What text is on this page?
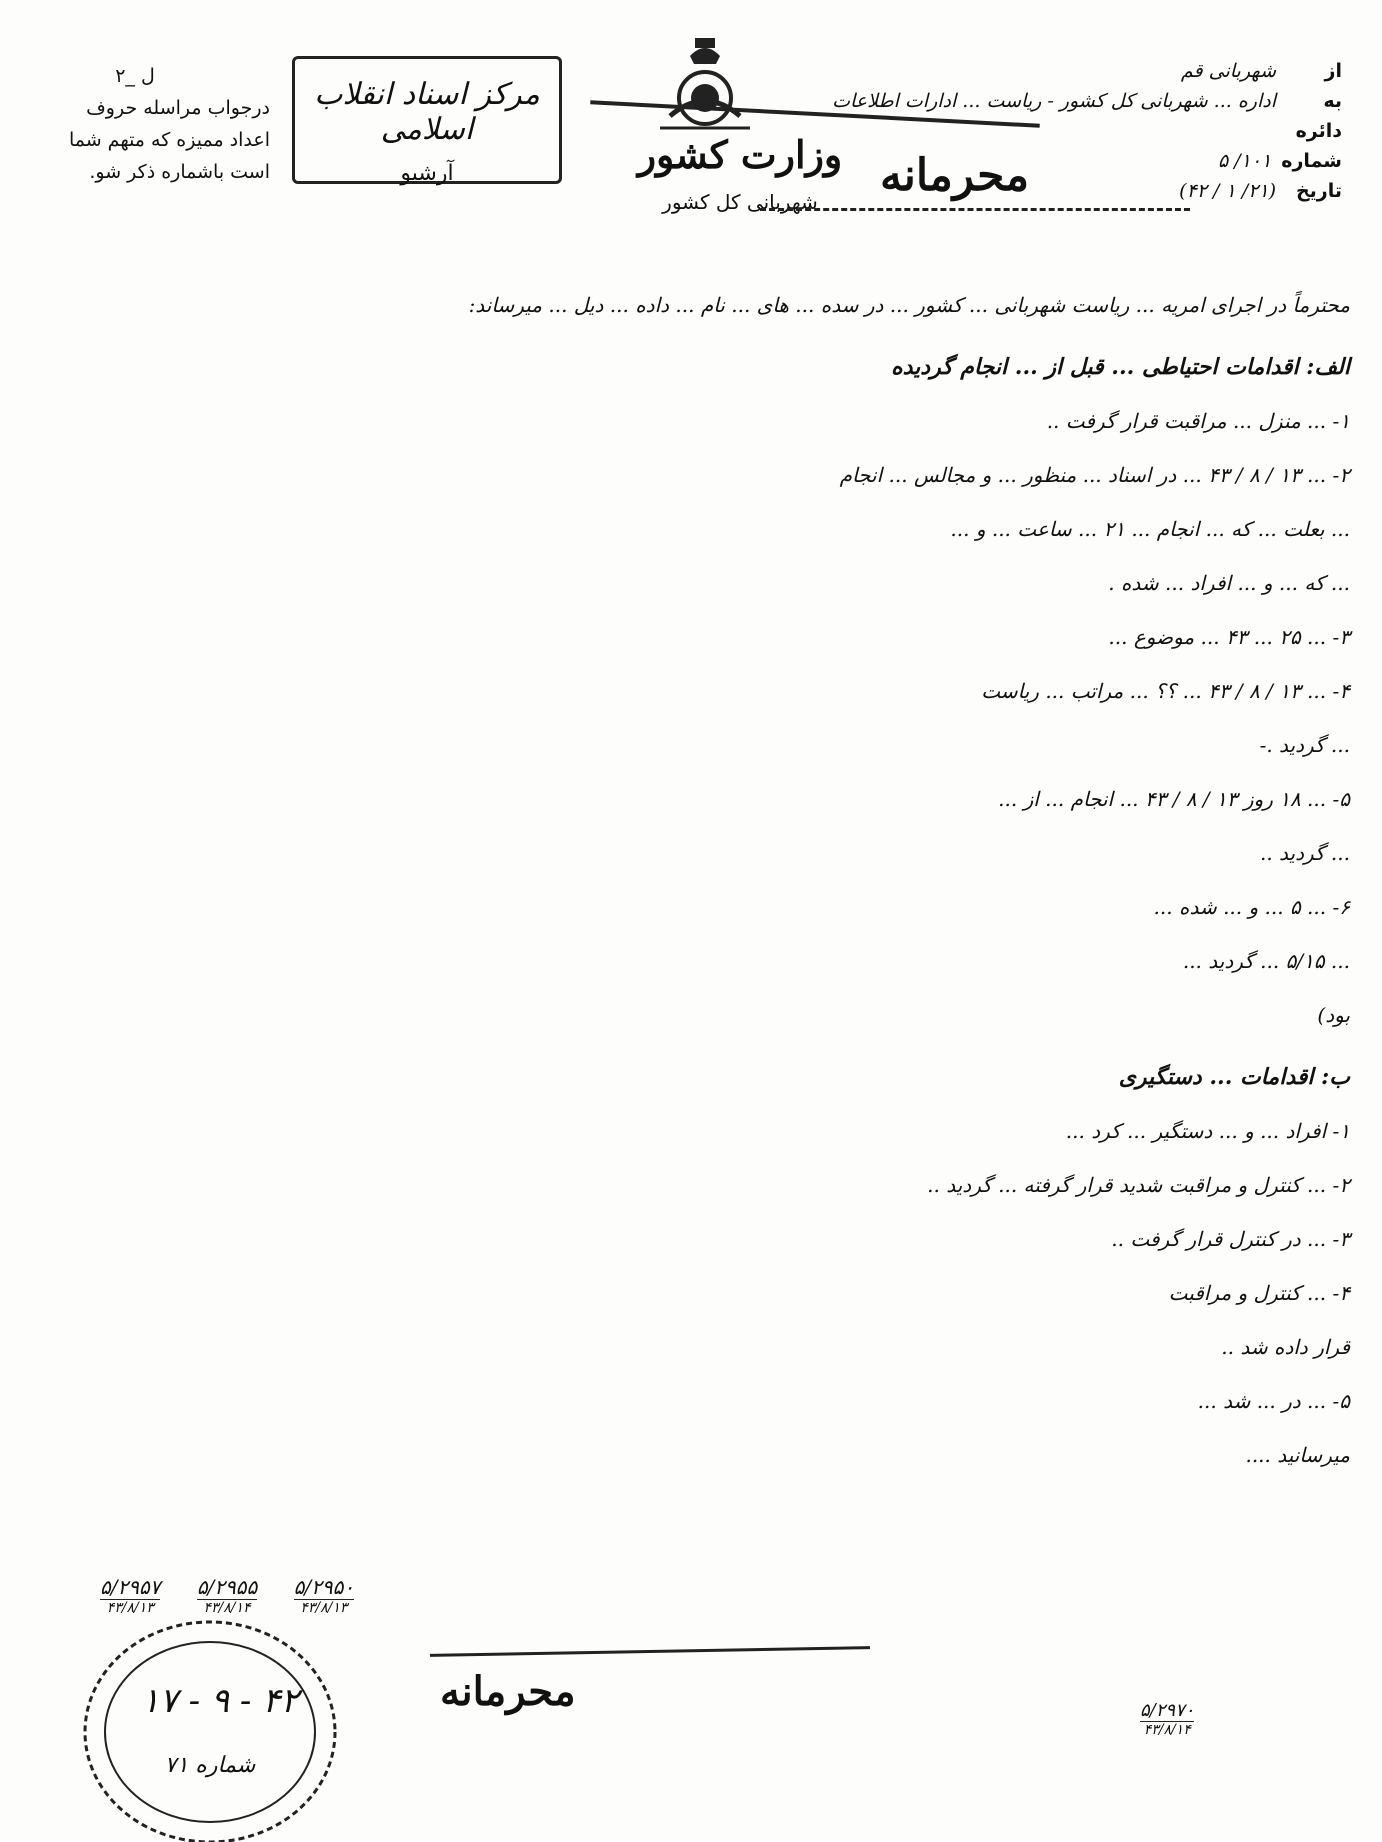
ل _۲
درجواب مراسله حروف
اعداد ممیزه که متهم شما
است باشماره ذکر شو.
مرکز اسناد انقلاب اسلامی
آرشیو	وزارت کشور محرمانه
شهربانی کل کشور
از
شهربانی قم
به
اداره ... شهربانی کل کشور - ریاست ... ادارات اطلاعات
دائره
شماره
۱۰۱/ ۵
تاریخ
(۲۱/ ۱ / ۴۲)

محترماً در اجرای امریه ... ریاست شهربانی ... کشور ... در سده ... های ... نام ... داده ... دیل ... میرساند:

الف: اقدامات احتیاطی ... قبل از ... انجام گردیده

۱- ... منزل ... مراقبت قرار گرفت ..

۲- ... ۱۳ / ۸ / ۴۳ ... در اسناد ... منظور ... و مجالس ... انجام

... بعلت ... که ... انجام ... ۲۱ ... ساعت ... و ...

... که ... و ... افراد ... شده .

۳- ... ۲۵ ... ۴۳ ... موضوع ...

۴- ... ۱۳ / ۸ / ۴۳ ... ؟؟ ... مراتب ... ریاست

... گردید .-

۵- ... ۱۸ روز ۱۳ / ۸ / ۴۳ ... انجام ... از ...

... گردید ..

۶- ... ۵ ... و ... شده ...

... ۵/۱۵ ... گردید ...

بود)

ب: اقدامات ... دستگیری

۱- افراد ... و ... دستگیر ... کرد ...

۲- ... کنترل و مراقبت شدید قرار گرفته ... گردید ..

۳- ... در کنترل قرار گرفت ..

۴- ... کنترل و مراقبت

قرار داده شد ..

۵- ... در ... شد ...

میرسانید ....

۵/۲۹۵۷
۴۳/۸/۱۳

۵/۲۹۵۵
۴۳/۸/۱۴

۵/۲۹۵۰
۴۳/۸/۱۳
۵/۲۹۷۰
۴۳/۸/۱۴
محرمانه
۱۷ - ۹ - ۴۲
شماره ۷۱
